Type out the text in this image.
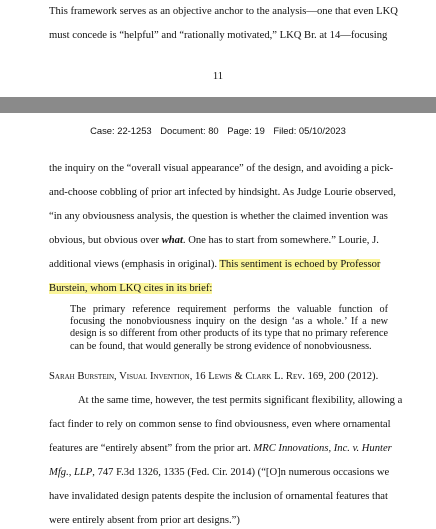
This framework serves as an objective anchor to the analysis—one that even LKQ
must concede is “helpful” and “rationally motivated,” LKQ Br. at 14—focusing
11
Case: 22-1253 Document: 80 Page: 19 Filed: 05/10/2023
the inquiry on the “overall visual appearance” of the design, and avoiding a pick-
and-choose cobbling of prior art infected by hindsight. As Judge Lourie observed,
“in any obviousness analysis, the question is whether the claimed invention was
obvious, but obvious over what. One has to start from somewhere.” Lourie, J.
additional views (emphasis in original). This sentiment is echoed by Professor
Burstein, whom LKQ cites in its brief:
The primary reference requirement performs the valuable function of focusing the nonobviousness inquiry on the design ‘as a whole.’ If a new design is so different from other products of its type that no primary reference can be found, that would generally be strong evidence of nonobviousness.
Sarah Burstein, Visual Invention, 16 Lewis & Clark L. Rev. 169, 200 (2012).
At the same time, however, the test permits significant flexibility, allowing a
fact finder to rely on common sense to find obviousness, even where ornamental
features are “entirely absent” from the prior art. MRC Innovations, Inc. v. Hunter
Mfg., LLP, 747 F.3d 1326, 1335 (Fed. Cir. 2014) (“[O]n numerous occasions we
have invalidated design patents despite the inclusion of ornamental features that
were entirely absent from prior art designs.”)
